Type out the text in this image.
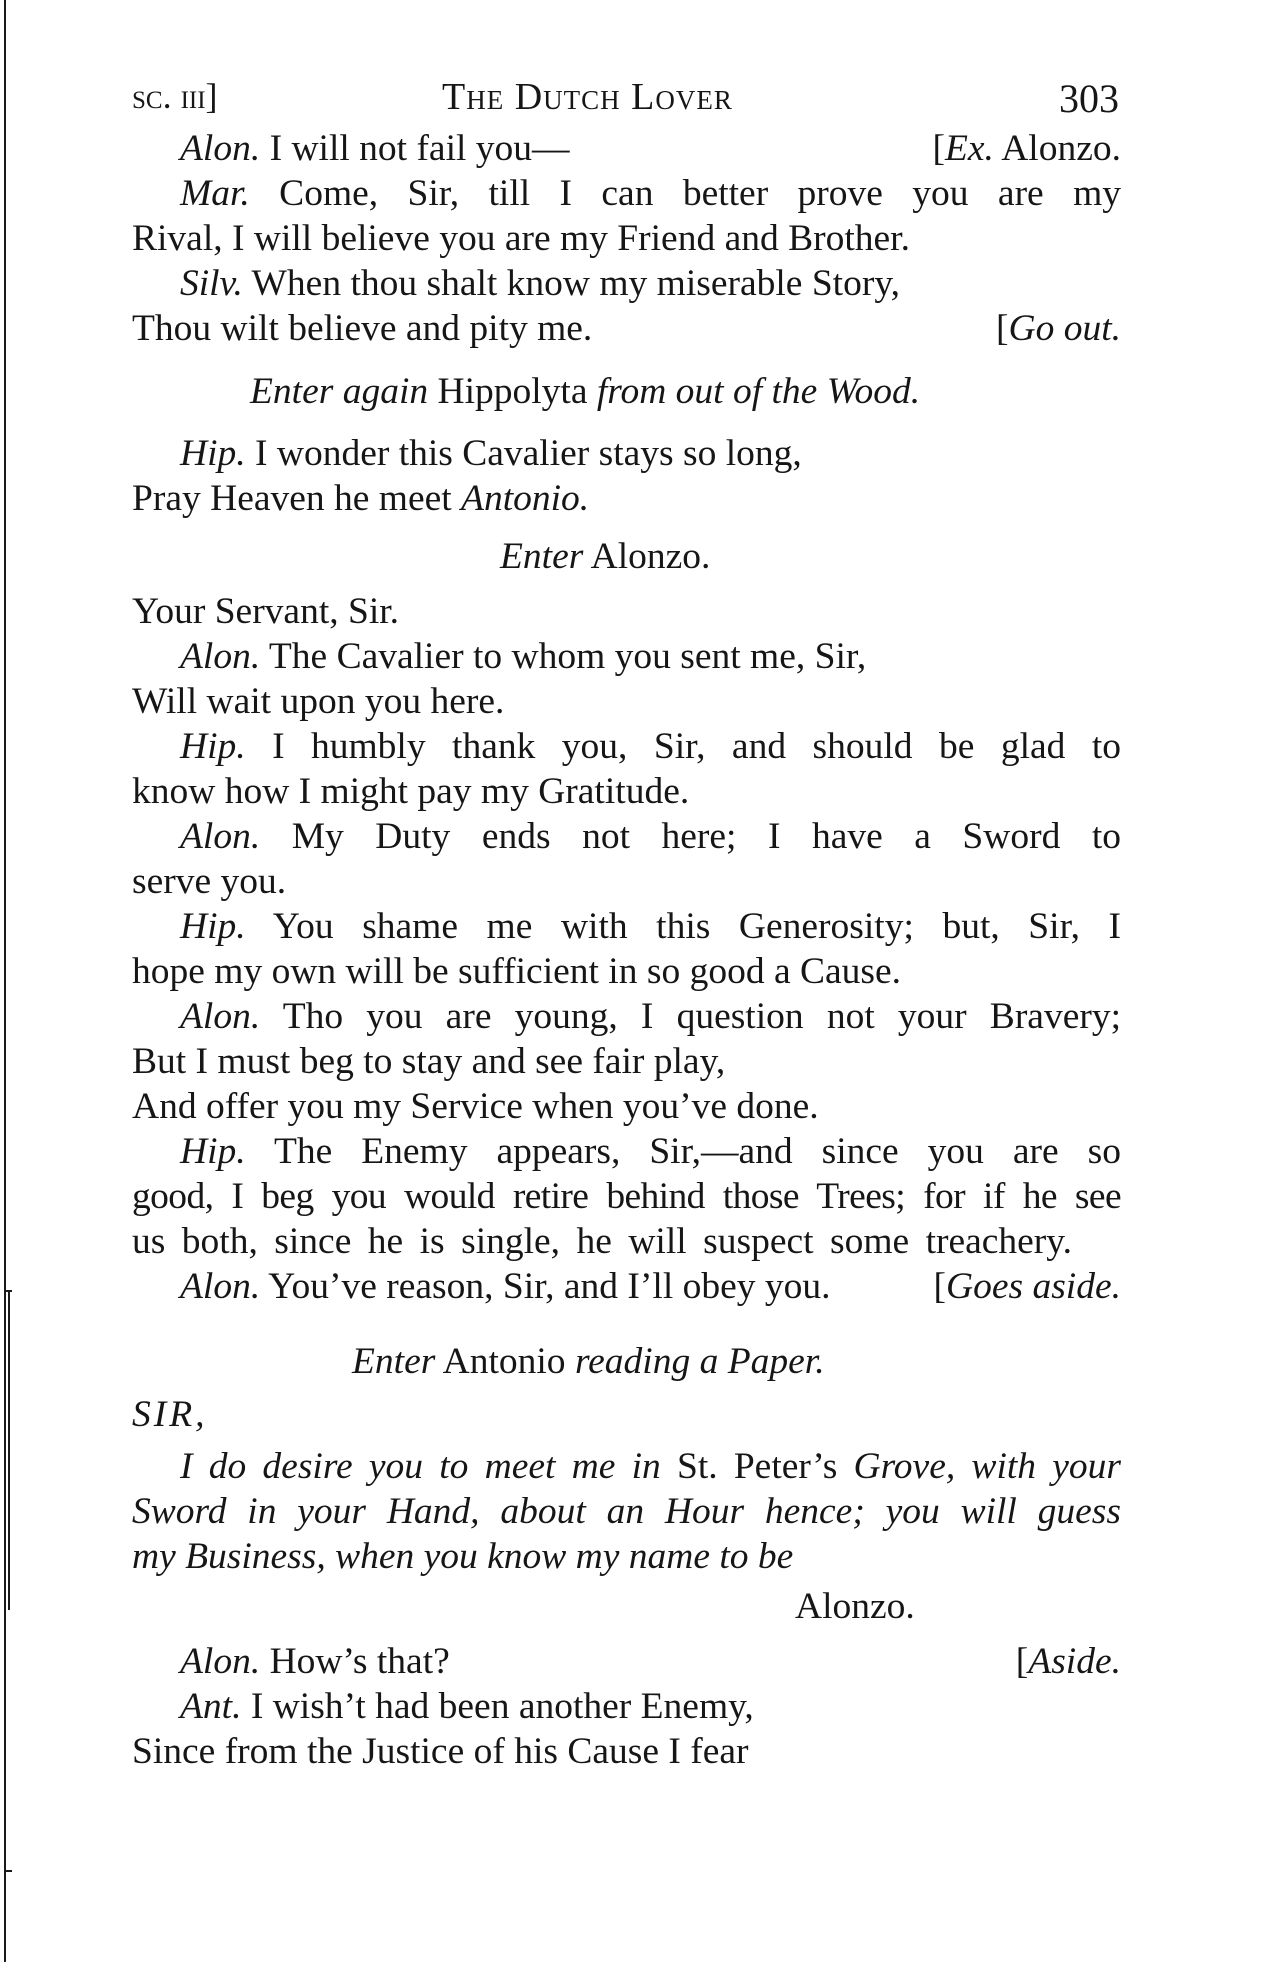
sc. iii]	The Dutch Lover	303
Alon. I will not fail you—	[Ex. Alonzo.
Mar. Come, Sir, till I can better prove you are my
Rival, I will believe you are my Friend and Brother.
Silv. When thou shalt know my miserable Story,
Thou wilt believe and pity me.	[Go out.
Enter again Hippolyta from out of the Wood.
Hip. I wonder this Cavalier stays so long,
Pray Heaven he meet Antonio.
Enter Alonzo.
Your Servant, Sir.
Alon. The Cavalier to whom you sent me, Sir,
Will wait upon you here.
Hip. I humbly thank you, Sir, and should be glad to
know how I might pay my Gratitude.
Alon. My Duty ends not here; I have a Sword to
serve you.
Hip. You shame me with this Generosity; but, Sir, I
hope my own will be sufficient in so good a Cause.
Alon. Tho you are young, I question not your Bravery;
But I must beg to stay and see fair play,
And offer you my Service when you’ve done.
Hip. The Enemy appears, Sir,—and since you are so
good, I beg you would retire behind those Trees; for if he see
us both, since he is single, he will suspect some treachery.
Alon. You’ve reason, Sir, and I’ll obey you.	[Goes aside.
Enter Antonio reading a Paper.
SIR,
I do desire you to meet me in St. Peter’s Grove, with your
Sword in your Hand, about an Hour hence; you will guess
my Business, when you know my name to be
Alonzo.
Alon. How’s that?	[Aside.
Ant. I wish’t had been another Enemy,
Since from the Justice of his Cause I fear
